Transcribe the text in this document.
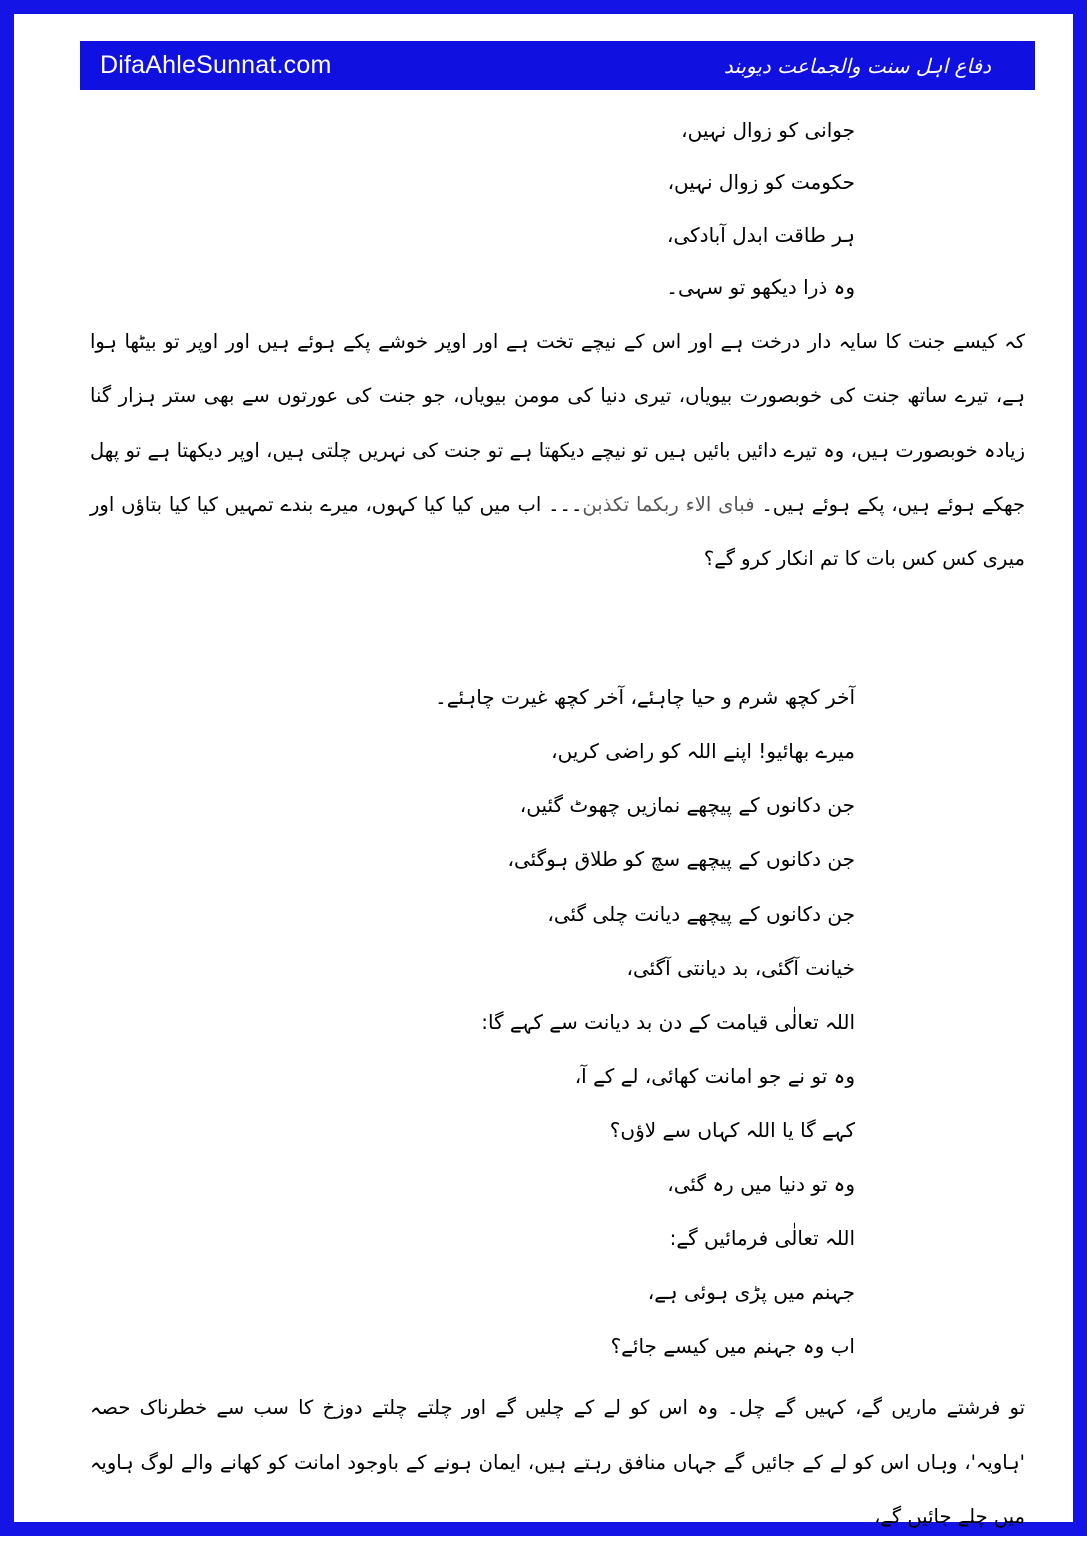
DifaAhleSunnat.com	دفاع اہل سنت والجماعت دیوبند
جوانی کو زوال نہیں،
حکومت کو زوال نہیں،
ہر طاقت ابدل آبادکی،
وہ ذرا دیکھو تو سہی۔
کہ کیسے جنت کا سایہ دار درخت ہے اور اس کے نیچے تخت ہے اور اوپر خوشے پکے ہوئے ہیں اور اوپر تو بیٹھا ہوا ہے، تیرے ساتھ جنت کی خوبصورت بیویاں، تیری دنیا کی مومن بیویاں، جو جنت کی عورتوں سے بھی ستر ہزار گنا زیادہ خوبصورت ہیں، وہ تیرے دائیں بائیں ہیں تو نیچے دیکھتا ہے تو جنت کی نہریں چلتی ہیں، اوپر دیکھتا ہے تو پھل جھکے ہوئے ہیں، پکے ہوئے ہیں۔ فبای الاء ربکما تکذبن۔۔۔ اب میں کیا کیا کہوں، میرے بندے تمہیں کیا کیا بتاؤں اور میری کس کس بات کا تم انکار کرو گے؟
آخر کچھ شرم و حیا چاہئے، آخر کچھ غیرت چاہئے۔
میرے بھائیو! اپنے اللہ کو راضی کریں،
جن دکانوں کے پیچھے نمازیں چھوٹ گئیں،
جن دکانوں کے پیچھے سچ کو طلاق ہوگئی،
جن دکانوں کے پیچھے دیانت چلی گئی،
خیانت آگئی، بد دیانتی آگئی،
اللہ تعالٰی قیامت کے دن بد دیانت سے کہے گا:
وہ تو نے جو امانت کھائی، لے کے آ،
کہے گا یا اللہ کہاں سے لاؤں؟
وہ تو دنیا میں رہ گئی،
اللہ تعالٰی فرمائیں گے:
جہنم میں پڑی ہوئی ہے،
اب وہ جہنم میں کیسے جائے؟
تو فرشتے ماریں گے، کہیں گے چل۔ وہ اس کو لے کے چلیں گے اور چلتے چلتے دوزخ کا سب سے خطرناک حصہ 'ہاویہ'، وہاں اس کو لے کے جائیں گے جہاں منافق رہتے ہیں، ایمان ہونے کے باوجود امانت کو کھانے والے لوگ ہاویہ میں چلے جائیں گے،
